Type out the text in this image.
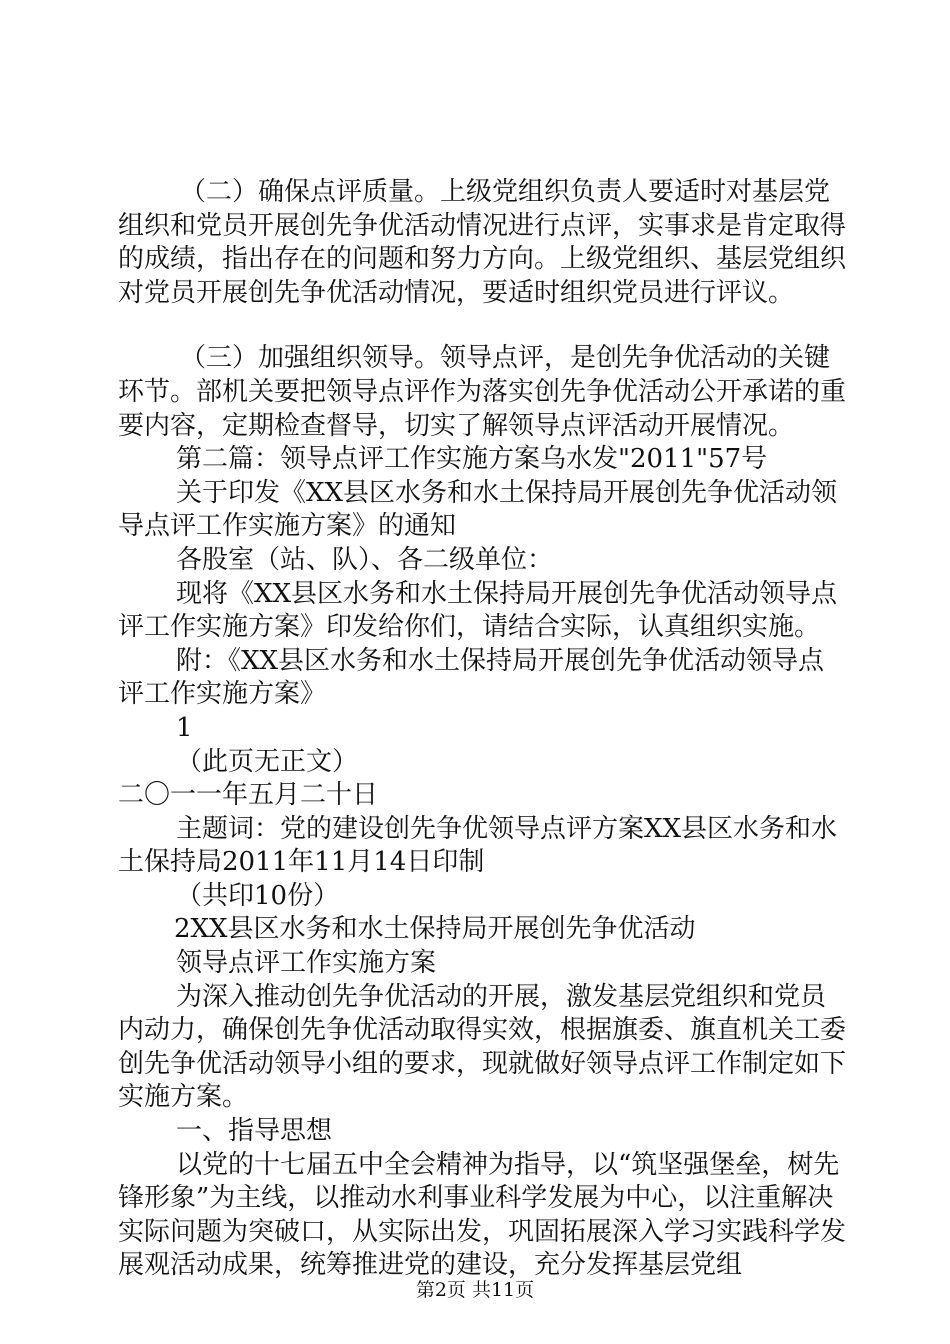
（二）确保点评质量。上级党组织负责人要适时对基层党组织和党员开展创先争优活动情况进行点评，实事求是肯定取得的成绩，指出存在的问题和努力方向。上级党组织、基层党组织对党员开展创先争优活动情况，要适时组织党员进行评议。

（三）加强组织领导。领导点评，是创先争优活动的关键环节。部机关要把领导点评作为落实创先争优活动公开承诺的重要内容，定期检查督导，切实了解领导点评活动开展情况。

第二篇：领导点评工作实施方案乌水发"2011"57号

关于印发《XX县区水务和水土保持局开展创先争优活动领导点评工作实施方案》的通知

各股室（站、队）、各二级单位：

现将《XX县区水务和水土保持局开展创先争优活动领导点评工作实施方案》印发给你们，请结合实际，认真组织实施。

附：《XX县区水务和水土保持局开展创先争优活动领导点评工作实施方案》

1

（此页无正文）

二〇一一年五月二十日

主题词：党的建设创先争优领导点评方案XX县区水务和水土保持局2011年11月14日印制

（共印10份）

2XX县区水务和水土保持局开展创先争优活动

领导点评工作实施方案

为深入推动创先争优活动的开展，激发基层党组织和党员内动力，确保创先争优活动取得实效，根据旗委、旗直机关工委创先争优活动领导小组的要求，现就做好领导点评工作制定如下实施方案。

一、指导思想

以党的十七届五中全会精神为指导，以“筑坚强堡垒，树先锋形象”为主线，以推动水利事业科学发展为中心，以注重解决实际问题为突破口，从实际出发，巩固拓展深入学习实践科学发展观活动成果，统筹推进党的建设，充分发挥基层党组

第2页 共11页
